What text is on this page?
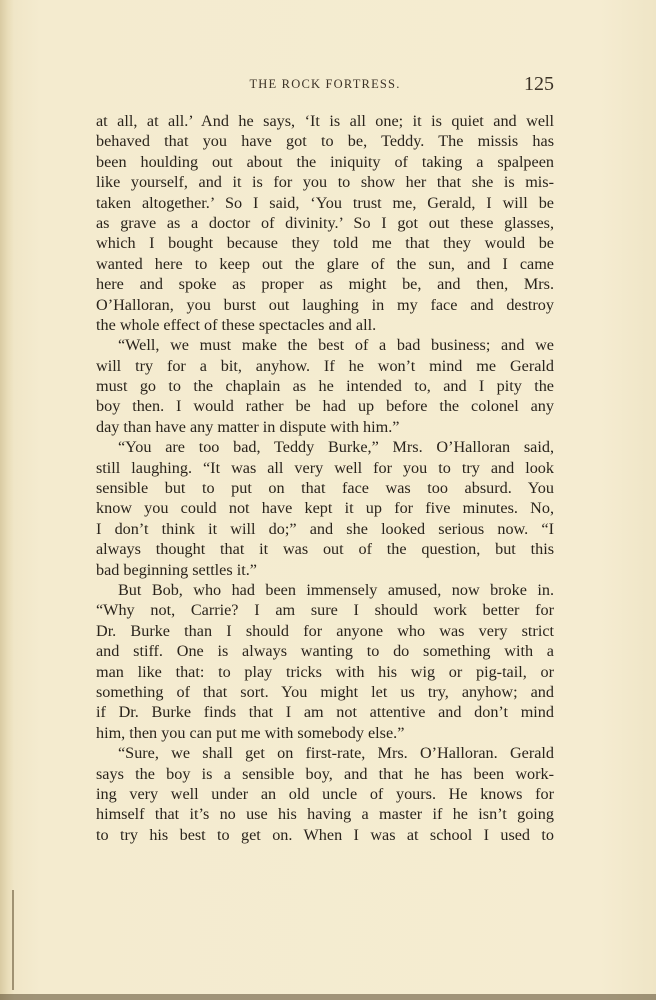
THE ROCK FORTRESS.	125
at all, at all.’ And he says, ‘It is all one; it is quiet and well
behaved that you have got to be, Teddy. The missis has
been houlding out about the iniquity of taking a spalpeen
like yourself, and it is for you to show her that she is mis-
taken altogether.’ So I said, ‘You trust me, Gerald, I will be
as grave as a doctor of divinity.’ So I got out these glasses,
which I bought because they told me that they would be
wanted here to keep out the glare of the sun, and I came
here and spoke as proper as might be, and then, Mrs.
O’Halloran, you burst out laughing in my face and destroy
the whole effect of these spectacles and all.
“Well, we must make the best of a bad business; and we
will try for a bit, anyhow. If he won’t mind me Gerald
must go to the chaplain as he intended to, and I pity the
boy then. I would rather be had up before the colonel any
day than have any matter in dispute with him.”
“You are too bad, Teddy Burke,” Mrs. O’Halloran said,
still laughing. “It was all very well for you to try and look
sensible but to put on that face was too absurd. You
know you could not have kept it up for five minutes. No,
I don’t think it will do;” and she looked serious now. “I
always thought that it was out of the question, but this
bad beginning settles it.”
But Bob, who had been immensely amused, now broke in.
“Why not, Carrie? I am sure I should work better for
Dr. Burke than I should for anyone who was very strict
and stiff. One is always wanting to do something with a
man like that: to play tricks with his wig or pig-tail, or
something of that sort. You might let us try, anyhow; and
if Dr. Burke finds that I am not attentive and don’t mind
him, then you can put me with somebody else.”
“Sure, we shall get on first-rate, Mrs. O’Halloran. Gerald
says the boy is a sensible boy, and that he has been work-
ing very well under an old uncle of yours. He knows for
himself that it’s no use his having a master if he isn’t going
to try his best to get on. When I was at school I used to
